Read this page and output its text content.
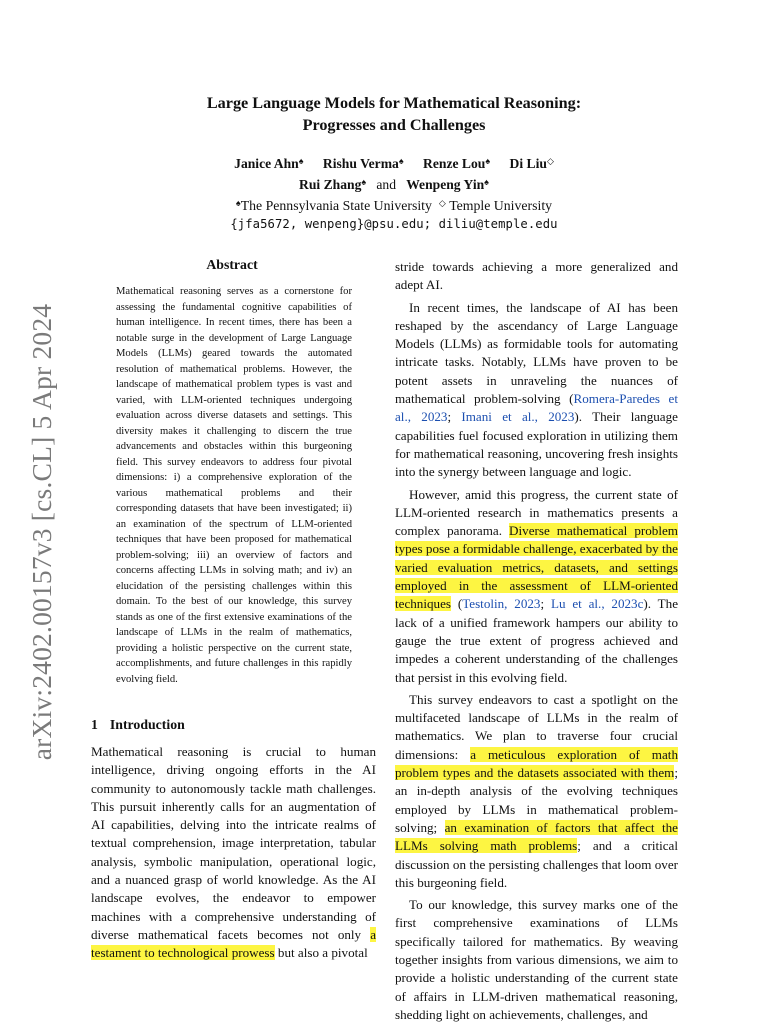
arXiv:2402.00157v3 [cs.CL] 5 Apr 2024
Large Language Models for Mathematical Reasoning:
Progresses and Challenges
Janice Ahn♠ Rishu Verma♠ Renze Lou♠ Di Liu◇
Rui Zhang♠ and Wenpeng Yin♠
♠The Pennsylvania State University ◇ Temple University
{jfa5672, wenpeng}@psu.edu; diliu@temple.edu
Abstract
Mathematical reasoning serves as a cornerstone for assessing the fundamental cognitive capabilities of human intelligence. In recent times, there has been a notable surge in the development of Large Language Models (LLMs) geared towards the automated resolution of mathematical problems. However, the landscape of mathematical problem types is vast and varied, with LLM-oriented techniques undergoing evaluation across diverse datasets and settings. This diversity makes it challenging to discern the true advancements and obstacles within this burgeoning field. This survey endeavors to address four pivotal dimensions: i) a comprehensive exploration of the various mathematical problems and their corresponding datasets that have been investigated; ii) an examination of the spectrum of LLM-oriented techniques that have been proposed for mathematical problem-solving; iii) an overview of factors and concerns affecting LLMs in solving math; and iv) an elucidation of the persisting challenges within this domain. To the best of our knowledge, this survey stands as one of the first extensive examinations of the landscape of LLMs in the realm of mathematics, providing a holistic perspective on the current state, accomplishments, and future challenges in this rapidly evolving field.
1 Introduction

Mathematical reasoning is crucial to human intelligence, driving ongoing efforts in the AI community to autonomously tackle math challenges. This pursuit inherently calls for an augmentation of AI capabilities, delving into the intricate realms of textual comprehension, image interpretation, tabular analysis, symbolic manipulation, operational logic, and a nuanced grasp of world knowledge. As the AI landscape evolves, the endeavor to empower machines with a comprehensive understanding of diverse mathematical facets becomes not only a testament to technological prowess but also a pivotal

stride towards achieving a more generalized and adept AI.

In recent times, the landscape of AI has been reshaped by the ascendancy of Large Language Models (LLMs) as formidable tools for automating intricate tasks. Notably, LLMs have proven to be potent assets in unraveling the nuances of mathematical problem-solving (Romera-Paredes et al., 2023; Imani et al., 2023). Their language capabilities fuel focused exploration in utilizing them for mathematical reasoning, uncovering fresh insights into the synergy between language and logic.

However, amid this progress, the current state of LLM-oriented research in mathematics presents a complex panorama. Diverse mathematical problem types pose a formidable challenge, exacerbated by the varied evaluation metrics, datasets, and settings employed in the assessment of LLM-oriented techniques (Testolin, 2023; Lu et al., 2023c). The lack of a unified framework hampers our ability to gauge the true extent of progress achieved and impedes a coherent understanding of the challenges that persist in this evolving field.

This survey endeavors to cast a spotlight on the multifaceted landscape of LLMs in the realm of mathematics. We plan to traverse four crucial dimensions: a meticulous exploration of math problem types and the datasets associated with them; an in-depth analysis of the evolving techniques employed by LLMs in mathematical problem-solving; an examination of factors that affect the LLMs solving math problems; and a critical discussion on the persisting challenges that loom over this burgeoning field.

To our knowledge, this survey marks one of the first comprehensive examinations of LLMs specifically tailored for mathematics. By weaving together insights from various dimensions, we aim to provide a holistic understanding of the current state of affairs in LLM-driven mathematical reasoning, shedding light on achievements, challenges, and
